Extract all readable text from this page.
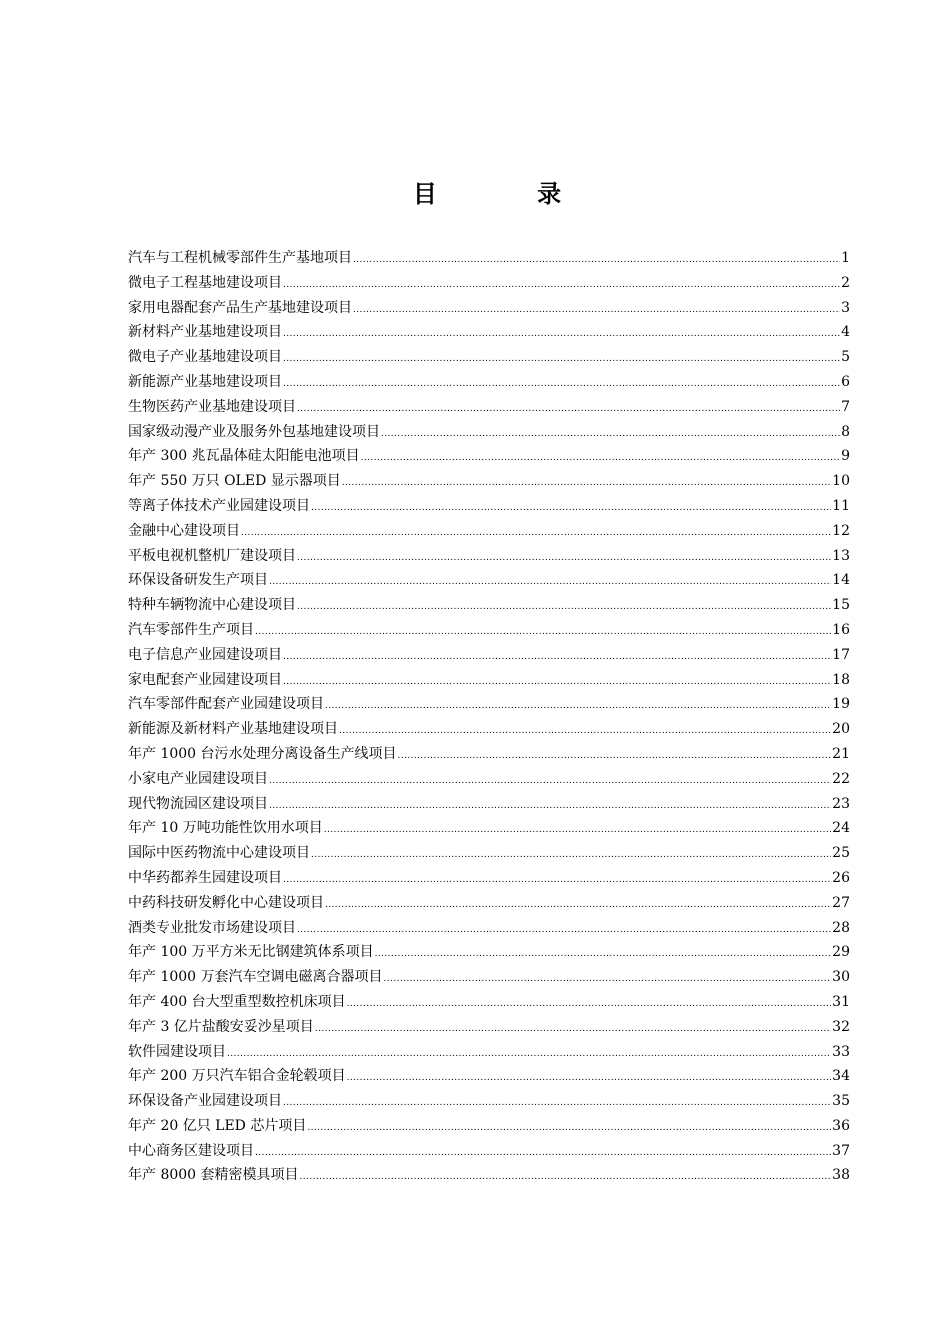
目 录
汽车与工程机械零部件生产基地项目 .....	1
微电子工程基地建设项目 .....	2
家用电器配套产品生产基地建设项目 .....	3
新材料产业基地建设项目 .....	4
微电子产业基地建设项目 .....	5
新能源产业基地建设项目 .....	6
生物医药产业基地建设项目 .....	7
国家级动漫产业及服务外包基地建设项目 .....	8
年产 300 兆瓦晶体硅太阳能电池项目 .....	9
年产 550 万只 OLED 显示器项目 .....	10
等离子体技术产业园建设项目 .....	11
金融中心建设项目 .....	12
平板电视机整机厂建设项目 .....	13
环保设备研发生产项目 .....	14
特种车辆物流中心建设项目 .....	15
汽车零部件生产项目 .....	16
电子信息产业园建设项目 .....	17
家电配套产业园建设项目 .....	18
汽车零部件配套产业园建设项目 .....	19
新能源及新材料产业基地建设项目 .....	20
年产 1000 台污水处理分离设备生产线项目 .....	21
小家电产业园建设项目 .....	22
现代物流园区建设项目 .....	23
年产 10 万吨功能性饮用水项目 .....	24
国际中医药物流中心建设项目 .....	25
中华药都养生园建设项目 .....	26
中药科技研发孵化中心建设项目 .....	27
酒类专业批发市场建设项目 .....	28
年产 100 万平方米无比钢建筑体系项目 .....	29
年产 1000 万套汽车空调电磁离合器项目 .....	30
年产 400 台大型重型数控机床项目 .....	31
年产 3 亿片盐酸安妥沙星项目 .....	32
软件园建设项目 .....	33
年产 200 万只汽车铝合金轮毂项目 .....	34
环保设备产业园建设项目 .....	35
年产 20 亿只 LED 芯片项目 .....	36
中心商务区建设项目 .....	37
年产 8000 套精密模具项目 .....	38
